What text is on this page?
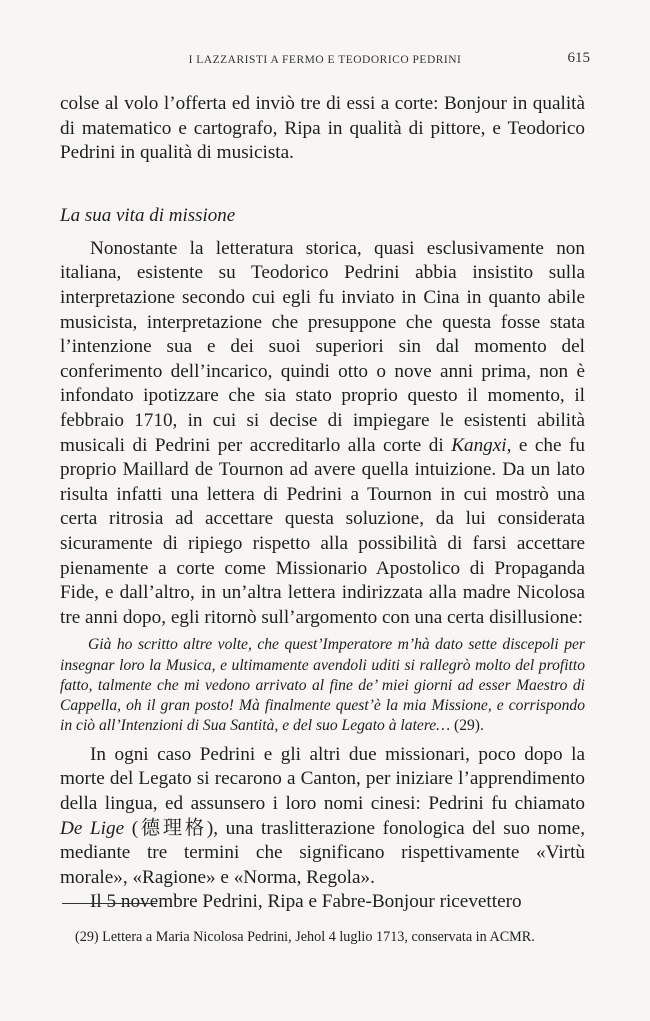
I LAZZARISTI A FERMO E TEODORICO PEDRINI	615

colse al volo l’offerta ed inviò tre di essi a corte: Bonjour in qualità di matematico e cartografo, Ripa in qualità di pittore, e Teodorico Pedrini in qualità di musicista.

La sua vita di missione

Nonostante la letteratura storica, quasi esclusivamente non italiana, esistente su Teodorico Pedrini abbia insistito sulla interpretazione secondo cui egli fu inviato in Cina in quanto abile musicista, interpretazione che presuppone che questa fosse stata l’intenzione sua e dei suoi superiori sin dal momento del conferimento dell’incarico, quindi otto o nove anni prima, non è infondato ipotizzare che sia stato proprio questo il momento, il febbraio 1710, in cui si decise di impiegare le esistenti abilità musicali di Pedrini per accreditarlo alla corte di Kangxi, e che fu proprio Maillard de Tournon ad avere quella intuizione. Da un lato risulta infatti una lettera di Pedrini a Tournon in cui mostrò una certa ritrosia ad accettare questa soluzione, da lui considerata sicuramente di ripiego rispetto alla possibilità di farsi accettare pienamente a corte come Missionario Apostolico di Propaganda Fide, e dall’altro, in un’altra lettera indirizzata alla madre Nicolosa tre anni dopo, egli ritornò sull’argomento con una certa disillusione:

Già ho scritto altre volte, che quest’Imperatore m’hà dato sette discepoli per insegnar loro la Musica, e ultimamente avendoli uditi si rallegrò molto del profitto fatto, talmente che mi vedono arrivato al fine de’ miei giorni ad esser Maestro di Cappella, oh il gran posto! Mà finalmente quest’è la mia Missione, e corrispondo in ciò all’Intenzioni di Sua Santità, e del suo Legato à latere… (29).

In ogni caso Pedrini e gli altri due missionari, poco dopo la morte del Legato si recarono a Canton, per iniziare l’apprendimento della lingua, ed assunsero i loro nomi cinesi: Pedrini fu chiamato De Lige (德理格), una traslitterazione fonologica del suo nome, mediante tre termini che significano rispettivamente «Virtù morale», «Ragione» e «Norma, Regola».

Il 5 novembre Pedrini, Ripa e Fabre-Bonjour ricevettero

(29) Lettera a Maria Nicolosa Pedrini, Jehol 4 luglio 1713, conservata in ACMR.
